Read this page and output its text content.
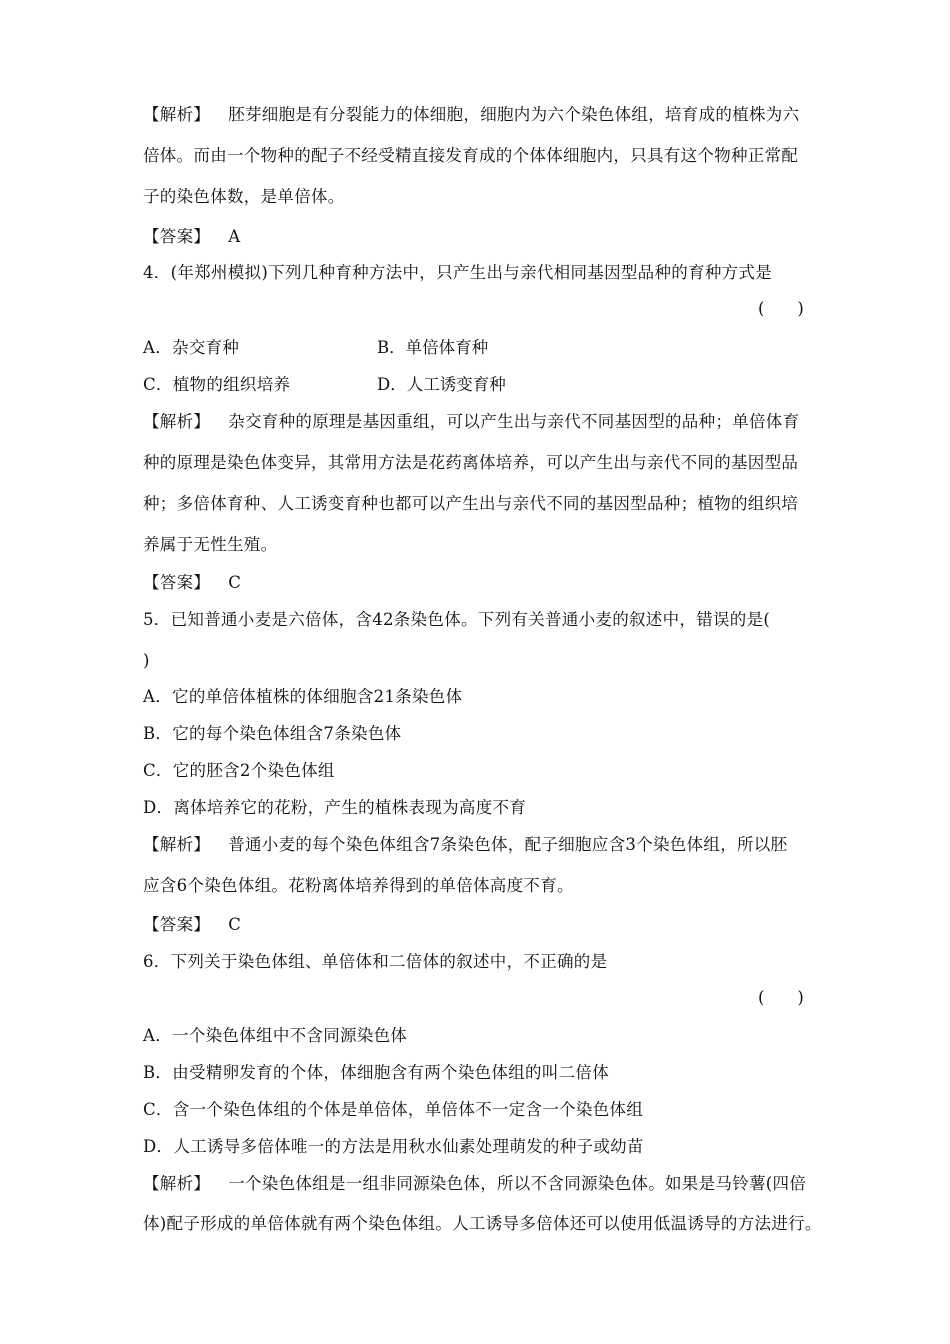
【解析】 胚芽细胞是有分裂能力的体细胞，细胞内为六个染色体组，培育成的植株为六
倍体。而由一个物种的配子不经受精直接发育成的个体体细胞内，只具有这个物种正常配
子的染色体数，是单倍体。
【答案】 A
4．(年郑州模拟)下列几种育种方法中，只产生出与亲代相同基因型品种的育种方式是
(　　)
A．杂交育种	B．单倍体育种
C．植物的组织培养	D．人工诱变育种
【解析】 杂交育种的原理是基因重组，可以产生出与亲代不同基因型的品种；单倍体育
种的原理是染色体变异，其常用方法是花药离体培养，可以产生出与亲代不同的基因型品
种；多倍体育种、人工诱变育种也都可以产生出与亲代不同的基因型品种；植物的组织培
养属于无性生殖。
【答案】 C
5．已知普通小麦是六倍体，含42条染色体。下列有关普通小麦的叙述中，错误的是(
)
A．它的单倍体植株的体细胞含21条染色体
B．它的每个染色体组含7条染色体
C．它的胚含2个染色体组
D．离体培养它的花粉，产生的植株表现为高度不育
【解析】 普通小麦的每个染色体组含7条染色体，配子细胞应含3个染色体组，所以胚
应含6个染色体组。花粉离体培养得到的单倍体高度不育。
【答案】 C
6．下列关于染色体组、单倍体和二倍体的叙述中，不正确的是
(　　)
A．一个染色体组中不含同源染色体
B．由受精卵发育的个体，体细胞含有两个染色体组的叫二倍体
C．含一个染色体组的个体是单倍体，单倍体不一定含一个染色体组
D．人工诱导多倍体唯一的方法是用秋水仙素处理萌发的种子或幼苗
【解析】 一个染色体组是一组非同源染色体，所以不含同源染色体。如果是马铃薯(四倍
体)配子形成的单倍体就有两个染色体组。人工诱导多倍体还可以使用低温诱导的方法进行。
